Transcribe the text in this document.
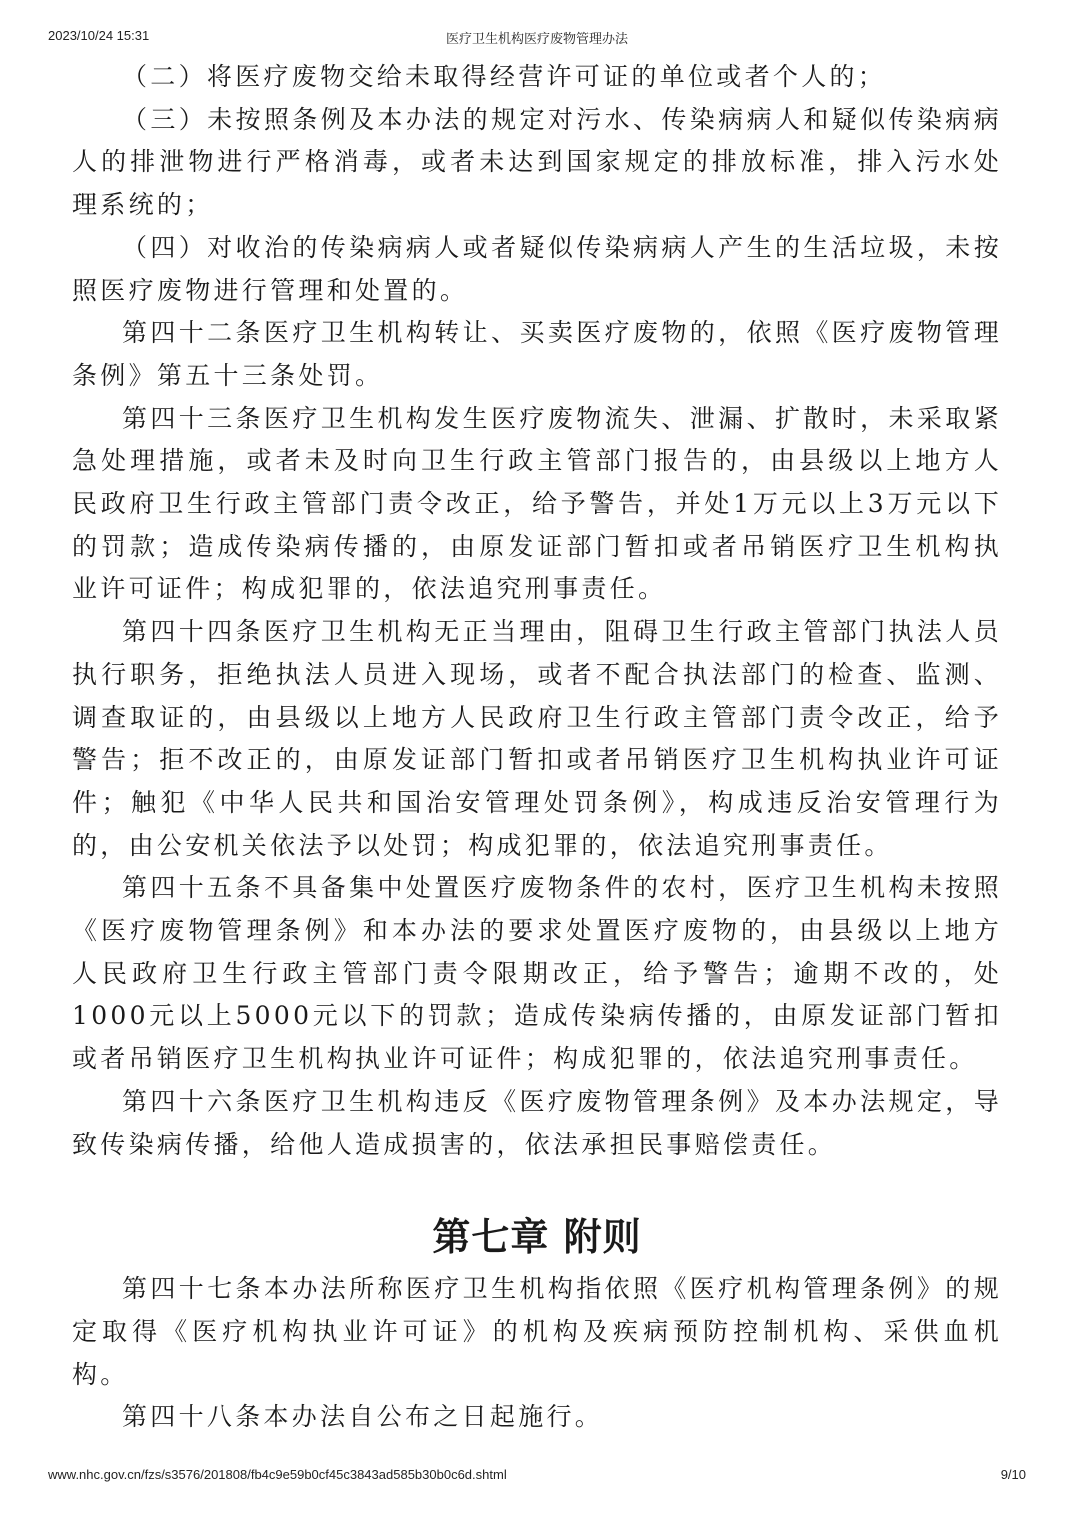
2023/10/24 15:31	医疗卫生机构医疗废物管理办法

（二）将医疗废物交给未取得经营许可证的单位或者个人的；

（三）未按照条例及本办法的规定对污水、传染病病人和疑似传染病病人的排泄物进行严格消毒，或者未达到国家规定的排放标准，排入污水处理系统的；

（四）对收治的传染病病人或者疑似传染病病人产生的生活垃圾，未按照医疗废物进行管理和处置的。

第四十二条医疗卫生机构转让、买卖医疗废物的，依照《医疗废物管理条例》第五十三条处罚。

第四十三条医疗卫生机构发生医疗废物流失、泄漏、扩散时，未采取紧急处理措施，或者未及时向卫生行政主管部门报告的，由县级以上地方人民政府卫生行政主管部门责令改正，给予警告，并处1万元以上3万元以下的罚款；造成传染病传播的，由原发证部门暂扣或者吊销医疗卫生机构执业许可证件；构成犯罪的，依法追究刑事责任。

第四十四条医疗卫生机构无正当理由，阻碍卫生行政主管部门执法人员执行职务，拒绝执法人员进入现场，或者不配合执法部门的检查、监测、调查取证的，由县级以上地方人民政府卫生行政主管部门责令改正，给予警告；拒不改正的，由原发证部门暂扣或者吊销医疗卫生机构执业许可证件；触犯《中华人民共和国治安管理处罚条例》，构成违反治安管理行为的，由公安机关依法予以处罚；构成犯罪的，依法追究刑事责任。

第四十五条不具备集中处置医疗废物条件的农村，医疗卫生机构未按照《医疗废物管理条例》和本办法的要求处置医疗废物的，由县级以上地方人民政府卫生行政主管部门责令限期改正，给予警告；逾期不改的，处1000元以上5000元以下的罚款；造成传染病传播的，由原发证部门暂扣或者吊销医疗卫生机构执业许可证件；构成犯罪的，依法追究刑事责任。

第四十六条医疗卫生机构违反《医疗废物管理条例》及本办法规定，导致传染病传播，给他人造成损害的，依法承担民事赔偿责任。

第七章 附则

第四十七条本办法所称医疗卫生机构指依照《医疗机构管理条例》的规定取得《医疗机构执业许可证》的机构及疾病预防控制机构、采供血机构。

第四十八条本办法自公布之日起施行。

www.nhc.gov.cn/fzs/s3576/201808/fb4c9e59b0cf45c3843ad585b30b0c6d.shtml	9/10
